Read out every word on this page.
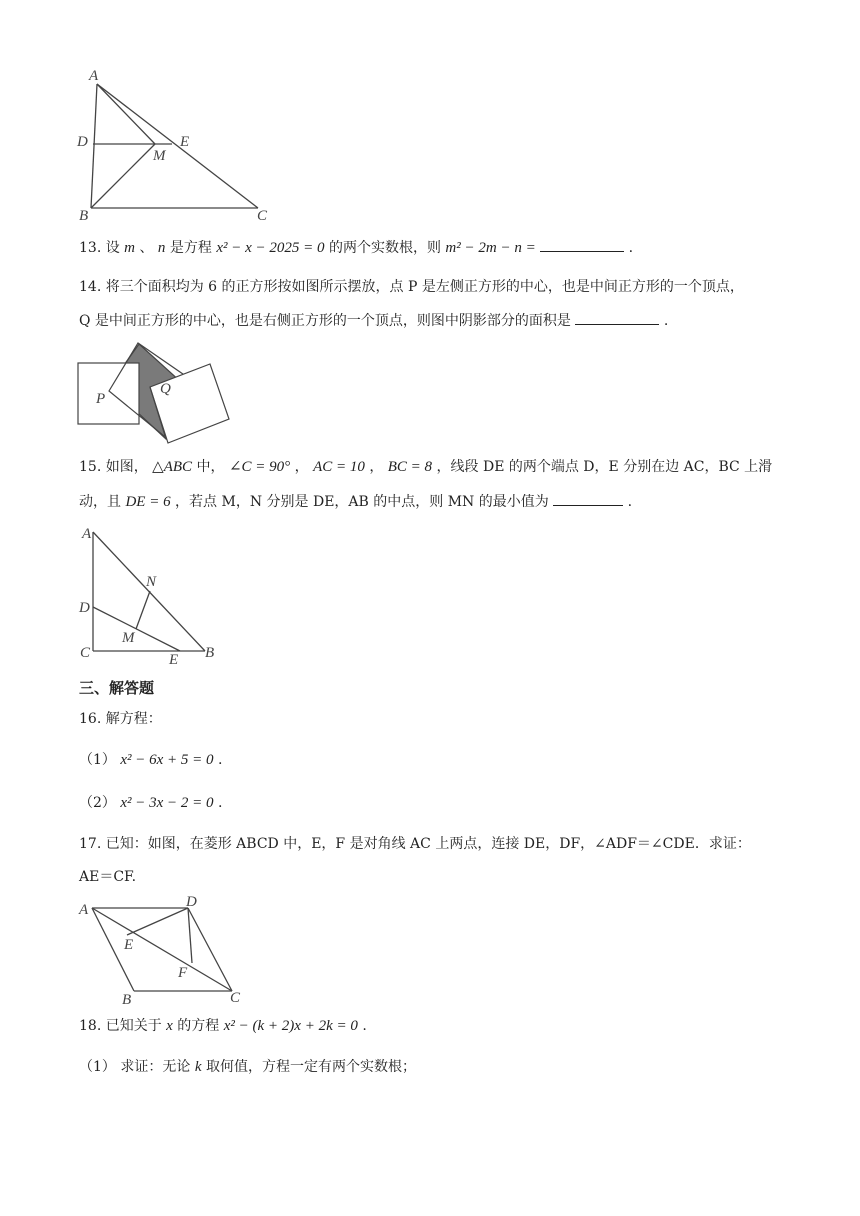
A
D	E
M
B	C
13. 设 m 、 n 是方程 x² − x − 2025 = 0 的两个实数根，则 m² − 2m − n =	.
14. 将三个面积均为 6 的正方形按如图所示摆放，点 P 是左侧正方形的中心，也是中间正方形的一个顶点，
Q 是中间正方形的中心，也是右侧正方形的一个顶点，则图中阴影部分的面积是	.
P
Q
15. 如图， △ABC 中， ∠C = 90° ， AC = 10 ， BC = 8 ，线段 DE 的两个端点 D，E 分别在边 AC，BC 上滑
动，且 DE = 6 ，若点 M，N 分别是 DE，AB 的中点，则 MN 的最小值为	.
A
N
D
M
C	E B
三、解答题
16. 解方程：
（1） x² − 6x + 5 = 0 .
（2） x² − 3x − 2 = 0 .
17. 已知：如图，在菱形 ABCD 中，E，F 是对角线 AC 上两点，连接 DE，DF，∠ADF＝∠CDE．求证：
AE＝CF.
A	D
E
F
B	C
18. 已知关于 x 的方程 x² − (k + 2)x + 2k = 0 .
（1） 求证：无论 k 取何值，方程一定有两个实数根；
